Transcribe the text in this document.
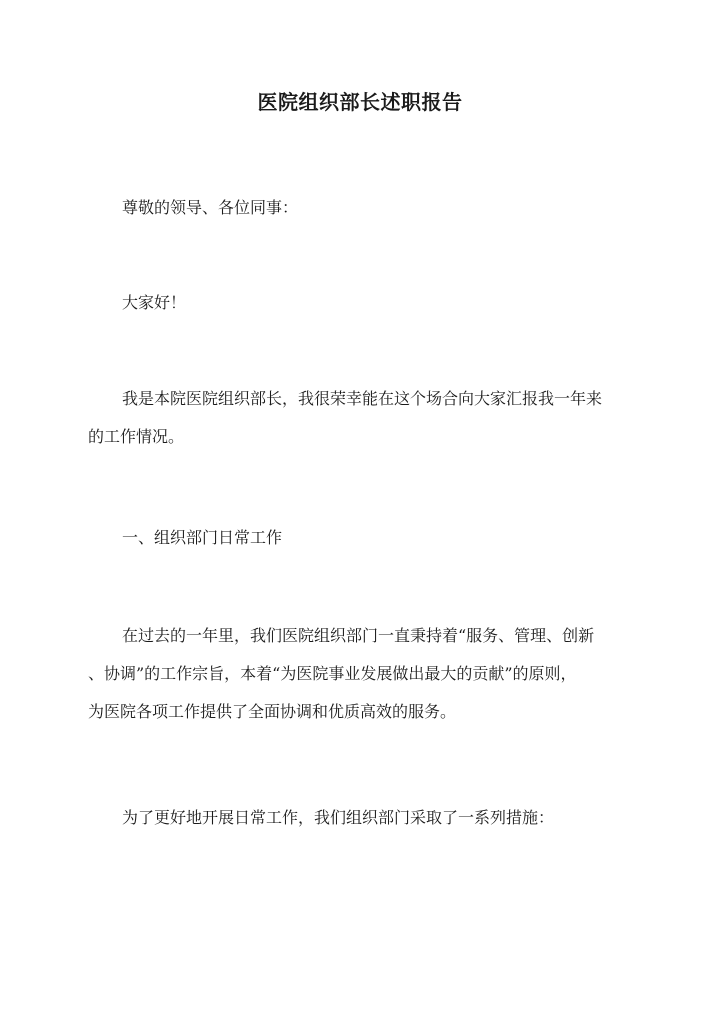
医院组织部长述职报告

尊敬的领导、各位同事：

大家好！

我是本院医院组织部长，我很荣幸能在这个场合向大家汇报我一年来
的工作情况。

一、组织部门日常工作

在过去的一年里，我们医院组织部门一直秉持着“服务、管理、创新
、协调”的工作宗旨，本着“为医院事业发展做出最大的贡献”的原则，
为医院各项工作提供了全面协调和优质高效的服务。

为了更好地开展日常工作，我们组织部门采取了一系列措施：
